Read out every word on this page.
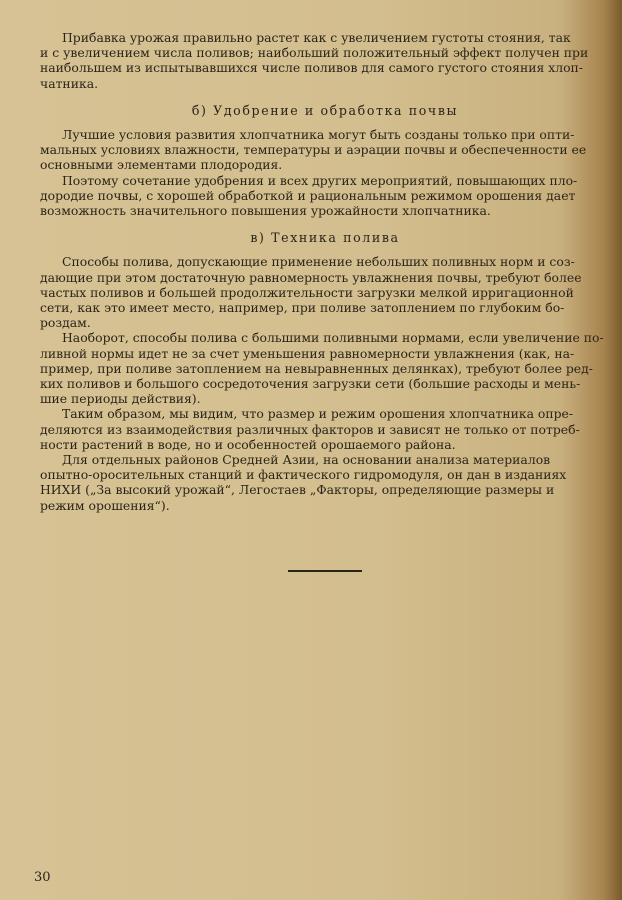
Прибавка урожая правильно растет как с увеличением густоты стояния, так
и с увеличением числа поливов; наибольший положительный эффект получен при
наибольшем из испытывавшихся числе поливов для самого густого стояния хлоп-
чатника.

б) Удобрение и обработка почвы

Лучшие условия развития хлопчатника могут быть созданы только при опти-
мальных условиях влажности, температуры и аэрации почвы и обеспеченности ее
основными элементами плодородия.

Поэтому сочетание удобрения и всех других мероприятий, повышающих пло-
дородие почвы, с хорошей обработкой и рациональным режимом орошения дает
возможность значительного повышения урожайности хлопчатника.

в) Техника полива

Способы полива, допускающие применение небольших поливных норм и соз-
дающие при этом достаточную равномерность увлажнения почвы, требуют более
частых поливов и большей продолжительности загрузки мелкой ирригационной
сети, как это имеет место, например, при поливе затоплением по глубоким бо-
роздам.

Наоборот, способы полива с большими поливными нормами, если увеличение по-
ливной нормы идет не за счет уменьшения равномерности увлажнения (как, на-
пример, при поливе затоплением на невыравненных делянках), требуют более ред-
ких поливов и большого сосредоточения загрузки сети (большие расходы и мень-
шие периоды действия).

Таким образом, мы видим, что размер и режим орошения хлопчатника опре-
деляются из взаимодействия различных факторов и зависят не только от потреб-
ности растений в воде, но и особенностей орошаемого района.

Для отдельных районов Средней Азии, на основании анализа материалов
опытно-оросительных станций и фактического гидромодуля, он дан в изданиях
НИХИ („За высокий урожай“, Легостаев „Факторы, определяющие размеры и
режим орошения“).

30
